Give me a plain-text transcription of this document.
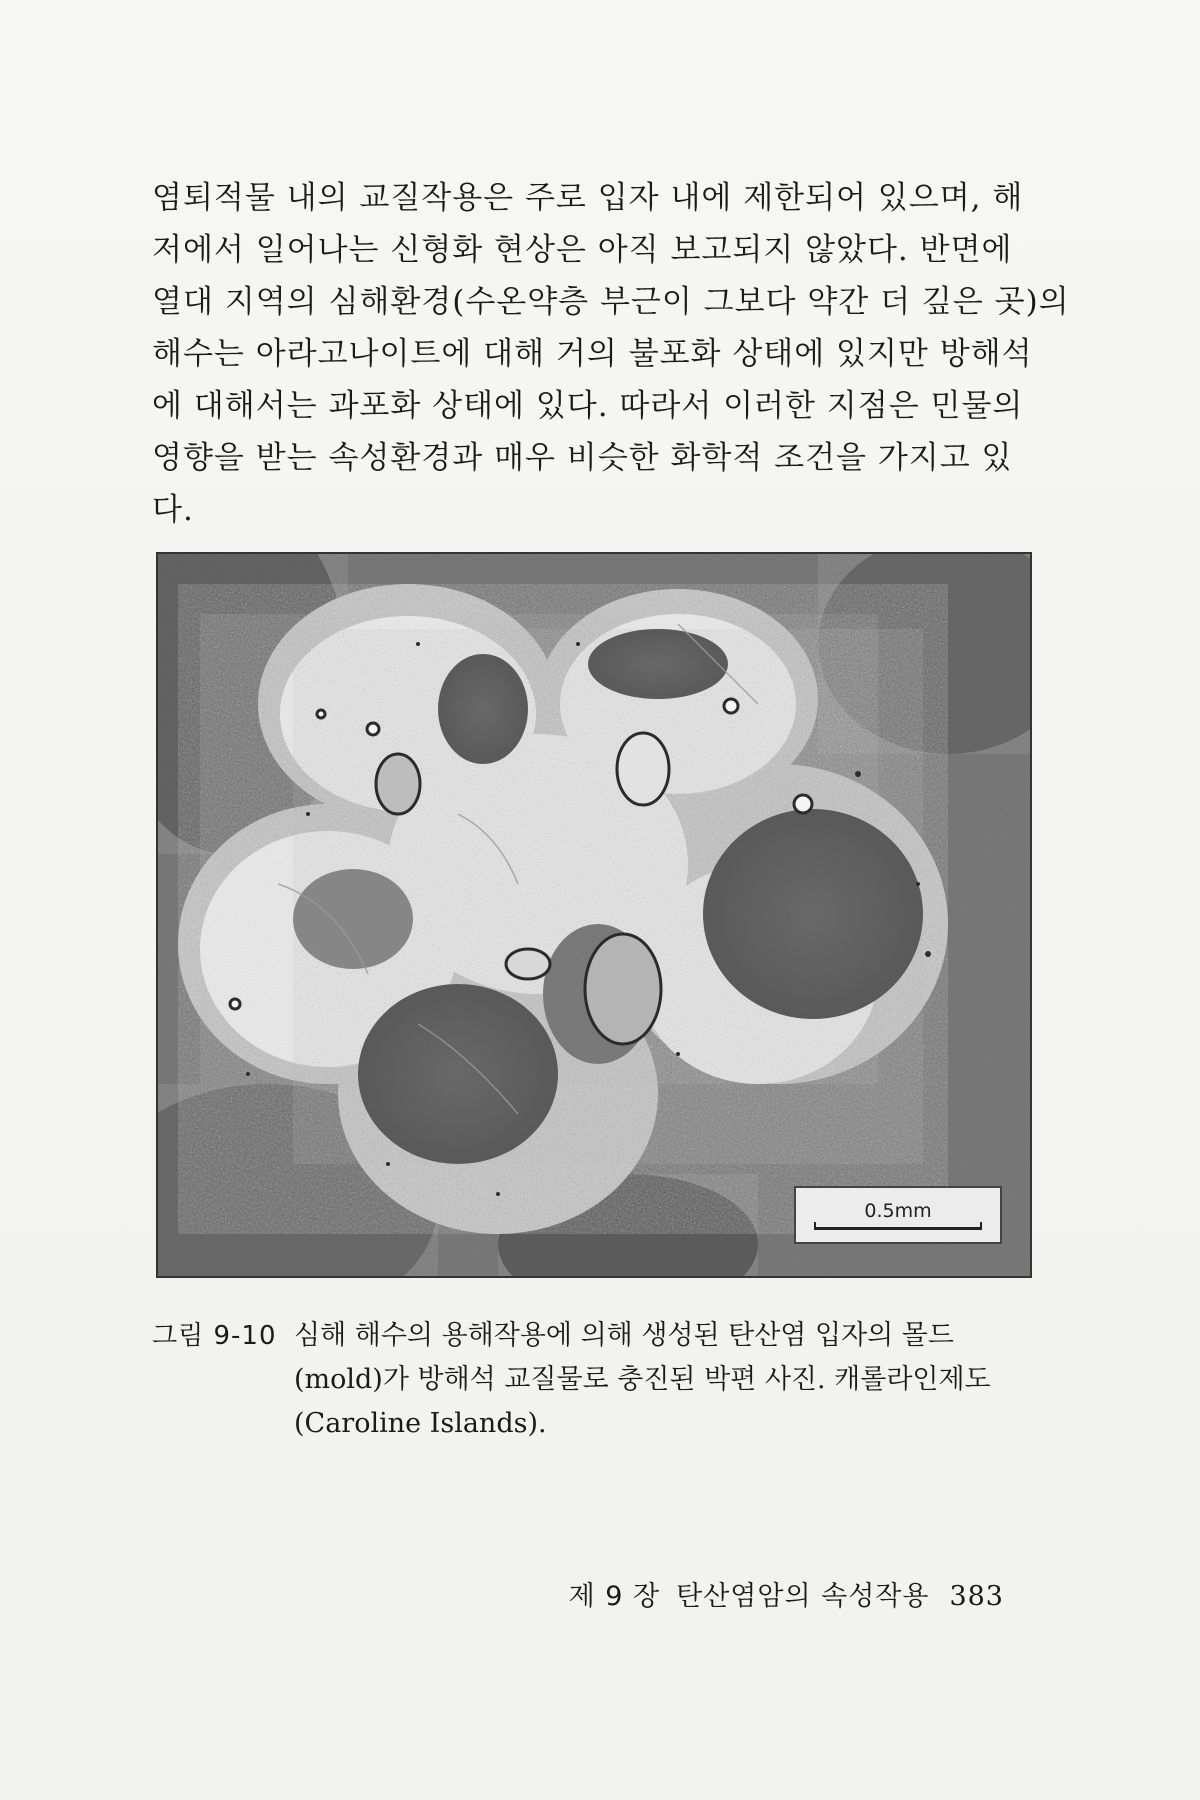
염퇴적물 내의 교질작용은 주로 입자 내에 제한되어 있으며, 해
저에서 일어나는 신형화 현상은 아직 보고되지 않았다. 반면에
열대 지역의 심해환경(수온약층 부근이 그보다 약간 더 깊은 곳)의
해수는 아라고나이트에 대해 거의 불포화 상태에 있지만 방해석
에 대해서는 과포화 상태에 있다. 따라서 이러한 지점은 민물의
영향을 받는 속성환경과 매우 비슷한 화학적 조건을 가지고 있
다.
0.5mm
그림 9-10 심해 해수의 용해작용에 의해 생성된 탄산염 입자의 몰드
(mold)가 방해석 교질물로 충진된 박편 사진. 캐롤라인제도
(Caroline Islands).
제 9 장 탄산염암의 속성작용 383
